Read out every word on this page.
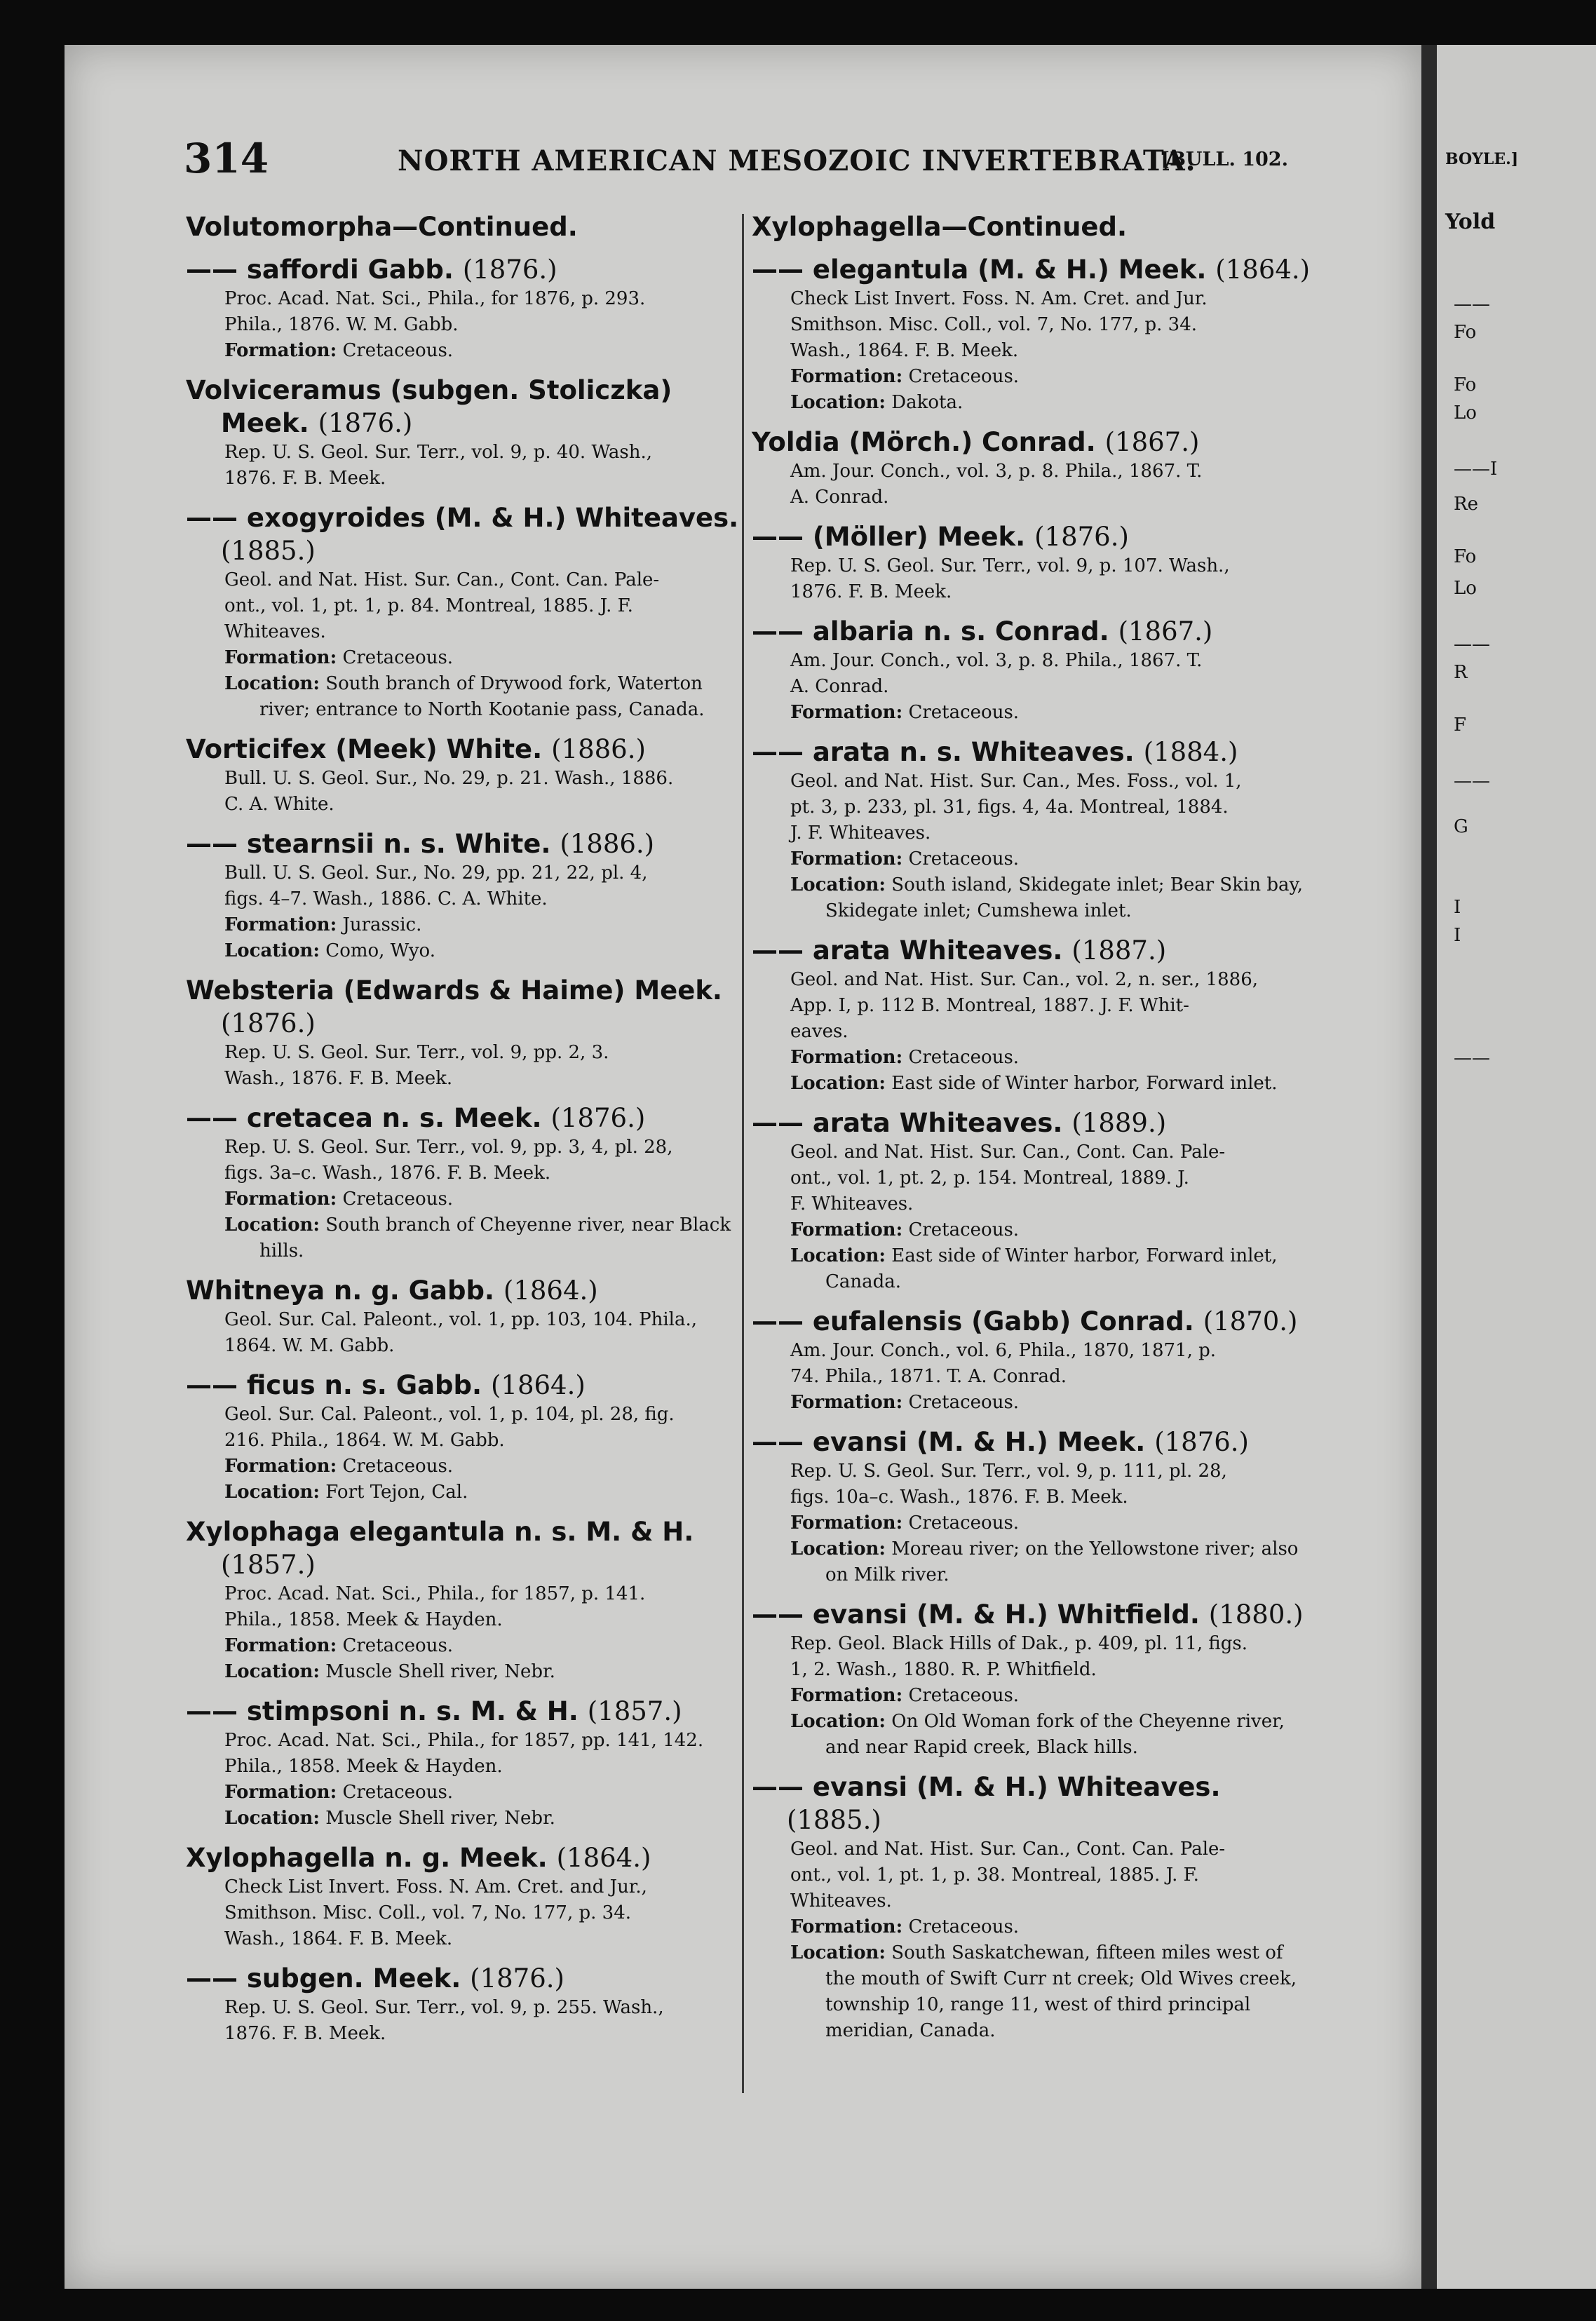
BOYLE.]
Yold
——
Fo
Fo
Lo
——I
Re
Fo
Lo
——
R
F
——
G
I
I
——
314	NORTH AMERICAN MESOZOIC INVERTEBRATA.
[BULL. 102.
Volutomorpha—Continued.
—— saffordi Gabb. (1876.)
Proc. Acad. Nat. Sci., Phila., for 1876, p. 293.
Phila., 1876. W. M. Gabb.
Formation: Cretaceous.
Volviceramus (subgen. Stoliczka) Meek. (1876.)
Rep. U. S. Geol. Sur. Terr., vol. 9, p. 40. Wash.,
1876. F. B. Meek.
—— exogyroides (M. & H.) Whiteaves. (1885.)
Geol. and Nat. Hist. Sur. Can., Cont. Can. Pale-
ont., vol. 1, pt. 1, p. 84. Montreal, 1885. J. F.
Whiteaves.
Formation: Cretaceous.
Location: South branch of Drywood fork, Waterton river; entrance to North Kootanie pass, Canada.
Vorticifex (Meek) White. (1886.)
Bull. U. S. Geol. Sur., No. 29, p. 21. Wash., 1886.
C. A. White.
—— stearnsii n. s. White. (1886.)
Bull. U. S. Geol. Sur., No. 29, pp. 21, 22, pl. 4,
figs. 4–7. Wash., 1886. C. A. White.
Formation: Jurassic.
Location: Como, Wyo.
Websteria (Edwards & Haime) Meek. (1876.)
Rep. U. S. Geol. Sur. Terr., vol. 9, pp. 2, 3.
Wash., 1876. F. B. Meek.
—— cretacea n. s. Meek. (1876.)
Rep. U. S. Geol. Sur. Terr., vol. 9, pp. 3, 4, pl. 28,
figs. 3a–c. Wash., 1876. F. B. Meek.
Formation: Cretaceous.
Location: South branch of Cheyenne river, near Black hills.
Whitneya n. g. Gabb. (1864.)
Geol. Sur. Cal. Paleont., vol. 1, pp. 103, 104. Phila.,
1864. W. M. Gabb.
—— ficus n. s. Gabb. (1864.)
Geol. Sur. Cal. Paleont., vol. 1, p. 104, pl. 28, fig.
216. Phila., 1864. W. M. Gabb.
Formation: Cretaceous.
Location: Fort Tejon, Cal.
Xylophaga elegantula n. s. M. & H. (1857.)
Proc. Acad. Nat. Sci., Phila., for 1857, p. 141.
Phila., 1858. Meek & Hayden.
Formation: Cretaceous.
Location: Muscle Shell river, Nebr.
—— stimpsoni n. s. M. & H. (1857.)
Proc. Acad. Nat. Sci., Phila., for 1857, pp. 141, 142.
Phila., 1858. Meek & Hayden.
Formation: Cretaceous.
Location: Muscle Shell river, Nebr.
Xylophagella n. g. Meek. (1864.)
Check List Invert. Foss. N. Am. Cret. and Jur.,
Smithson. Misc. Coll., vol. 7, No. 177, p. 34.
Wash., 1864. F. B. Meek.
—— subgen. Meek. (1876.)
Rep. U. S. Geol. Sur. Terr., vol. 9, p. 255. Wash.,
1876. F. B. Meek.
Xylophagella—Continued.
—— elegantula (M. & H.) Meek. (1864.)
Check List Invert. Foss. N. Am. Cret. and Jur.
Smithson. Misc. Coll., vol. 7, No. 177, p. 34.
Wash., 1864. F. B. Meek.
Formation: Cretaceous.
Location: Dakota.
Yoldia (Mörch.) Conrad. (1867.)
Am. Jour. Conch., vol. 3, p. 8. Phila., 1867. T.
A. Conrad.
—— (Möller) Meek. (1876.)
Rep. U. S. Geol. Sur. Terr., vol. 9, p. 107. Wash.,
1876. F. B. Meek.
—— albaria n. s. Conrad. (1867.)
Am. Jour. Conch., vol. 3, p. 8. Phila., 1867. T.
A. Conrad.
Formation: Cretaceous.
—— arata n. s. Whiteaves. (1884.)
Geol. and Nat. Hist. Sur. Can., Mes. Foss., vol. 1,
pt. 3, p. 233, pl. 31, figs. 4, 4a. Montreal, 1884.
J. F. Whiteaves.
Formation: Cretaceous.
Location: South island, Skidegate inlet; Bear Skin bay, Skidegate inlet; Cumshewa inlet.
—— arata Whiteaves. (1887.)
Geol. and Nat. Hist. Sur. Can., vol. 2, n. ser., 1886,
App. I, p. 112 B. Montreal, 1887. J. F. Whit-
eaves.
Formation: Cretaceous.
Location: East side of Winter harbor, Forward inlet.
—— arata Whiteaves. (1889.)
Geol. and Nat. Hist. Sur. Can., Cont. Can. Pale-
ont., vol. 1, pt. 2, p. 154. Montreal, 1889. J.
F. Whiteaves.
Formation: Cretaceous.
Location: East side of Winter harbor, Forward inlet, Canada.
—— eufalensis (Gabb) Conrad. (1870.)
Am. Jour. Conch., vol. 6, Phila., 1870, 1871, p.
74. Phila., 1871. T. A. Conrad.
Formation: Cretaceous.
—— evansi (M. & H.) Meek. (1876.)
Rep. U. S. Geol. Sur. Terr., vol. 9, p. 111, pl. 28,
figs. 10a–c. Wash., 1876. F. B. Meek.
Formation: Cretaceous.
Location: Moreau river; on the Yellowstone river; also on Milk river.
—— evansi (M. & H.) Whitfield. (1880.)
Rep. Geol. Black Hills of Dak., p. 409, pl. 11, figs.
1, 2. Wash., 1880. R. P. Whitfield.
Formation: Cretaceous.
Location: On Old Woman fork of the Cheyenne river, and near Rapid creek, Black hills.
—— evansi (M. & H.) Whiteaves. (1885.)
Geol. and Nat. Hist. Sur. Can., Cont. Can. Pale-
ont., vol. 1, pt. 1, p. 38. Montreal, 1885. J. F.
Whiteaves.
Formation: Cretaceous.
Location: South Saskatchewan, fifteen miles west of the mouth of Swift Curr nt creek; Old Wives creek, township 10, range 11, west of third principal meridian, Canada.
